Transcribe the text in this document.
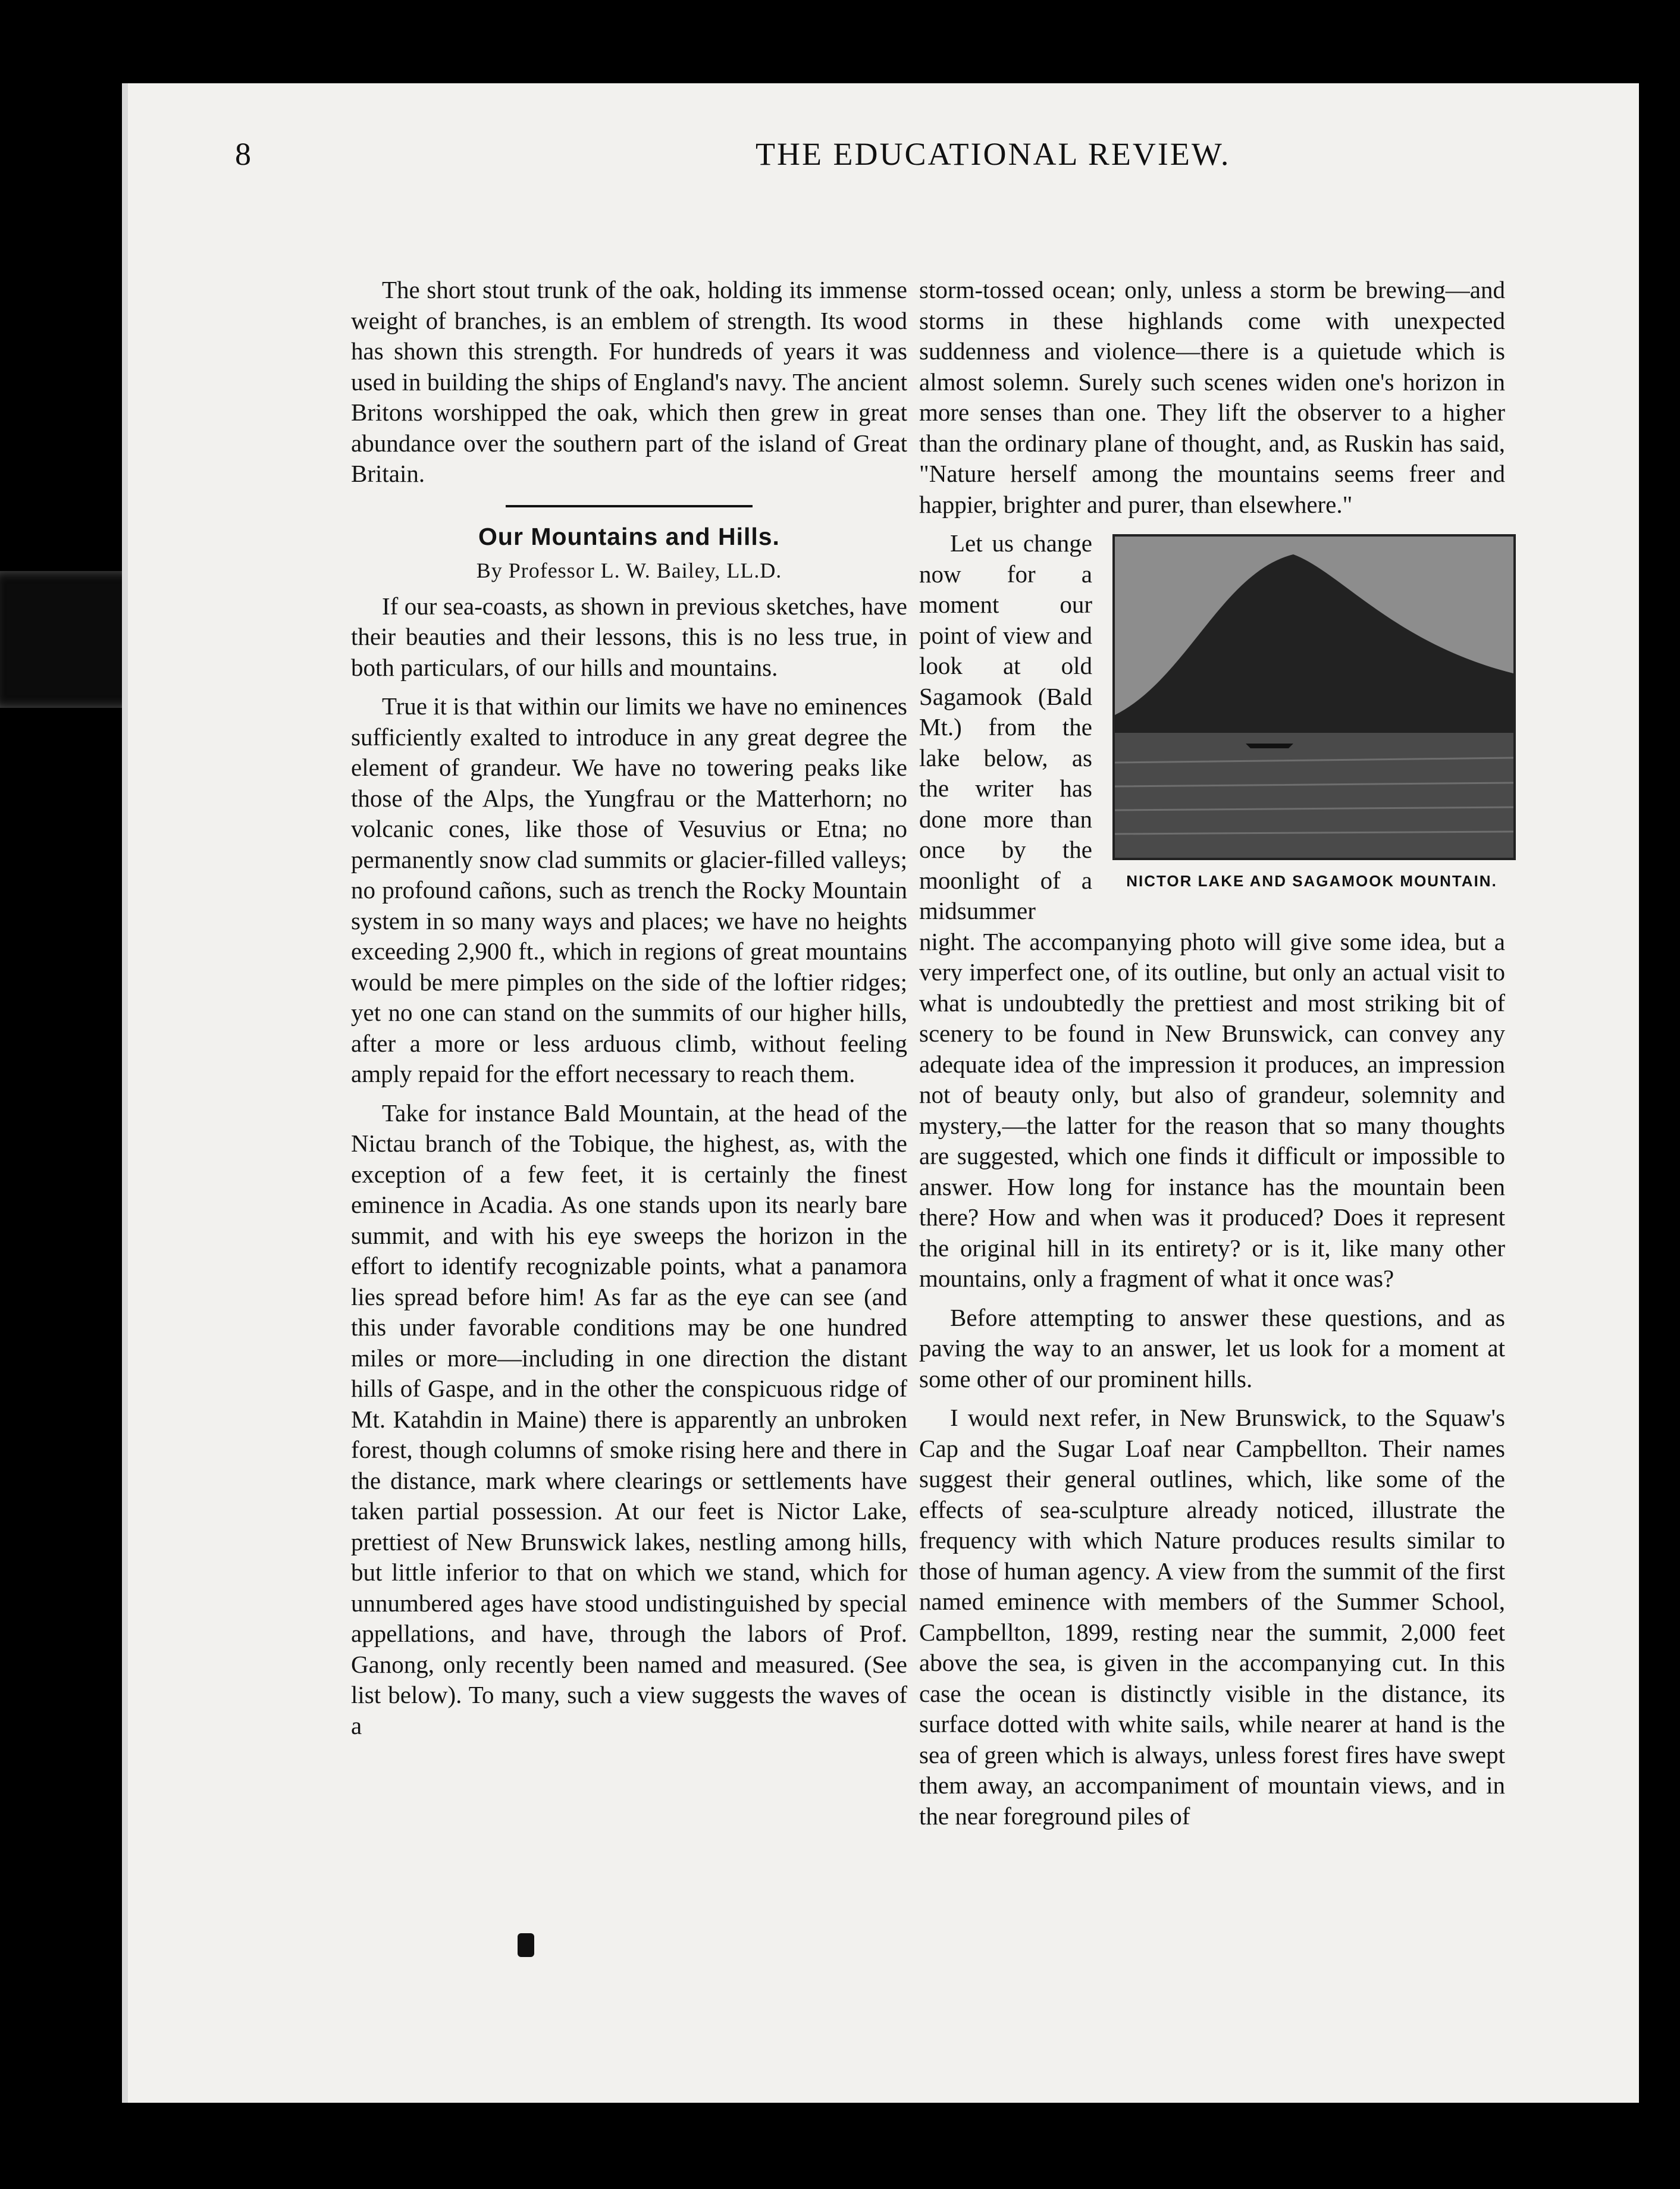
8	THE EDUCATIONAL REVIEW.

The short stout trunk of the oak, holding its immense weight of branches, is an emblem of strength. Its wood has shown this strength. For hundreds of years it was used in building the ships of England's navy. The ancient Britons worshipped the oak, which then grew in great abundance over the southern part of the island of Great Britain.

Our Mountains and Hills.
By Professor L. W. Bailey, LL.D.

If our sea-coasts, as shown in previous sketches, have their beauties and their lessons, this is no less true, in both particulars, of our hills and mountains.

True it is that within our limits we have no eminences sufficiently exalted to introduce in any great degree the element of grandeur. We have no towering peaks like those of the Alps, the Yungfrau or the Matterhorn; no volcanic cones, like those of Vesuvius or Etna; no permanently snow clad summits or glacier-filled valleys; no profound cañons, such as trench the Rocky Mountain system in so many ways and places; we have no heights exceeding 2,900 ft., which in regions of great mountains would be mere pimples on the side of the loftier ridges; yet no one can stand on the summits of our higher hills, after a more or less arduous climb, without feeling amply repaid for the effort necessary to reach them.

Take for instance Bald Mountain, at the head of the Nictau branch of the Tobique, the highest, as, with the exception of a few feet, it is certainly the finest eminence in Acadia. As one stands upon its nearly bare summit, and with his eye sweeps the horizon in the effort to identify recognizable points, what a panamora lies spread before him! As far as the eye can see (and this under favorable conditions may be one hundred miles or more—including in one direction the distant hills of Gaspe, and in the other the conspicuous ridge of Mt. Katahdin in Maine) there is apparently an unbroken forest, though columns of smoke rising here and there in the distance, mark where clearings or settlements have taken partial possession. At our feet is Nictor Lake, prettiest of New Brunswick lakes, nestling among hills, but little inferior to that on which we stand, which for unnumbered ages have stood undistinguished by special appellations, and have, through the labors of Prof. Ganong, only recently been named and measured. (See list below). To many, such a view suggests the waves of a

storm-tossed ocean; only, unless a storm be brewing—and storms in these highlands come with unexpected suddenness and violence—there is a quietude which is almost solemn. Surely such scenes widen one's horizon in more senses than one. They lift the observer to a higher than the ordinary plane of thought, and, as Ruskin has said, "Nature herself among the mountains seems freer and happier, brighter and purer, than elsewhere."

NICTOR LAKE AND SAGAMOOK MOUNTAIN.

Let us change now for a moment our point of view and look at old Sagamook (Bald Mt.) from the lake below, as the writer has done more than once by the moonlight of a midsummer night. The accompanying photo will give some idea, but a very imperfect one, of its outline, but only an actual visit to what is undoubtedly the prettiest and most striking bit of scenery to be found in New Brunswick, can convey any adequate idea of the impression it produces, an impression not of beauty only, but also of grandeur, solemnity and mystery,—the latter for the reason that so many thoughts are suggested, which one finds it difficult or impossible to answer. How long for instance has the mountain been there? How and when was it produced? Does it represent the original hill in its entirety? or is it, like many other mountains, only a fragment of what it once was?

Before attempting to answer these questions, and as paving the way to an answer, let us look for a moment at some other of our prominent hills.

I would next refer, in New Brunswick, to the Squaw's Cap and the Sugar Loaf near Campbellton. Their names suggest their general outlines, which, like some of the effects of sea-sculpture already noticed, illustrate the frequency with which Nature produces results similar to those of human agency. A view from the summit of the first named eminence with members of the Summer School, Campbellton, 1899, resting near the summit, 2,000 feet above the sea, is given in the accompanying cut. In this case the ocean is distinctly visible in the distance, its surface dotted with white sails, while nearer at hand is the sea of green which is always, unless forest fires have swept them away, an accompaniment of mountain views, and in the near foreground piles of
